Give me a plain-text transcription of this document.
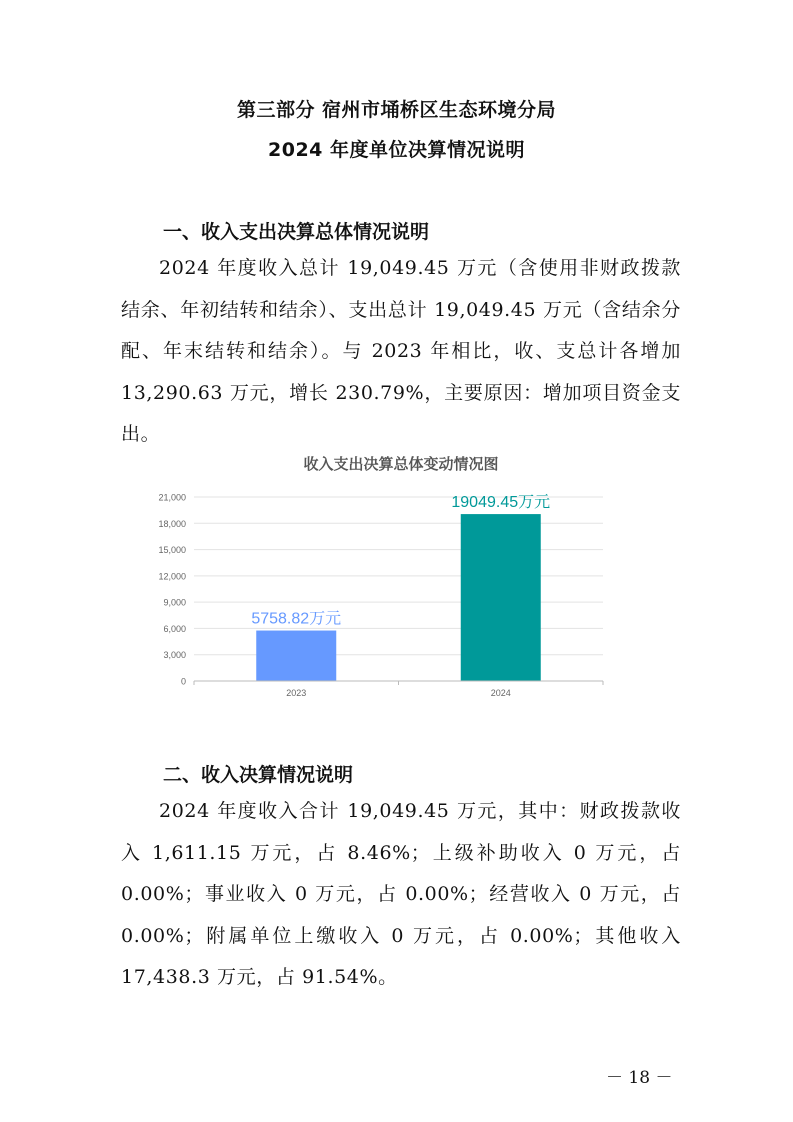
第三部分 宿州市埇桥区生态环境分局
2024 年度单位决算情况说明
一、收入支出决算总体情况说明

2024 年度收入总计 19,049.45 万元（含使用非财政拨款结余、年初结转和结余）、支出总计 19,049.45 万元（含结余分配、年末结转和结余）。与 2023 年相比，收、支总计各增加 13,290.63 万元，增长 230.79%，主要原因：增加项目资金支出。

收入支出决算总体变动情况图
0
3,000
6,000
9,000
12,000
15,000
18,000
21,000
5758.82万元
19049.45万元
2023	2024
二、收入决算情况说明

2024 年度收入合计 19,049.45 万元，其中：财政拨款收入 1,611.15 万元，占 8.46%；上级补助收入 0 万元，占 0.00%；事业收入 0 万元，占 0.00%；经营收入 0 万元，占 0.00%；附属单位上缴收入 0 万元，占 0.00%；其他收入 17,438.3 万元，占 91.54%。

－ 18 －
